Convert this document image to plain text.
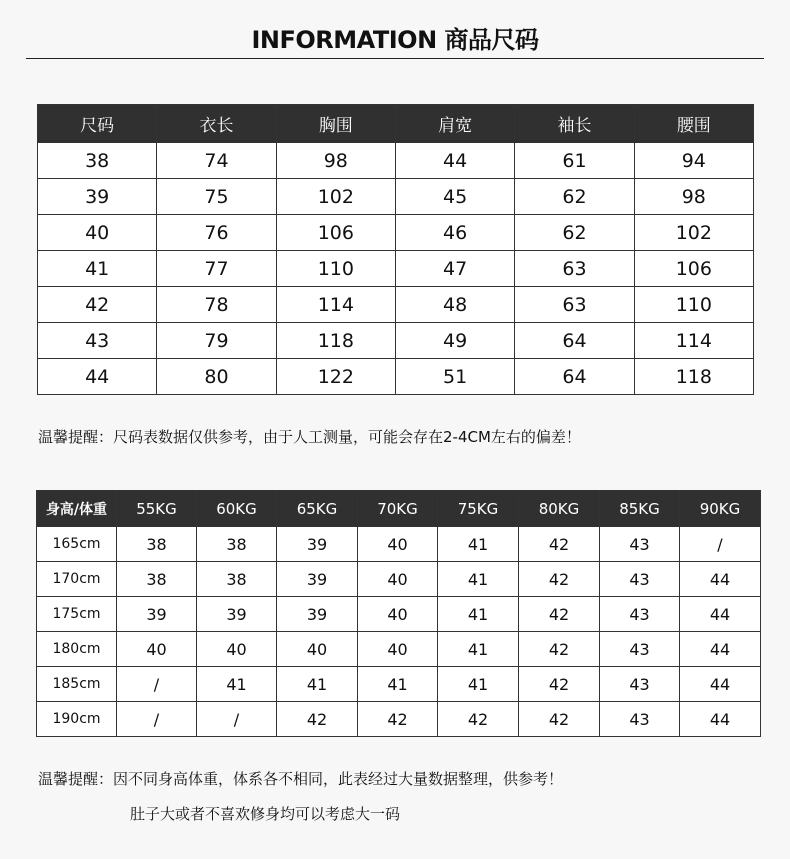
INFORMATION 商品尺码
尺码	衣长	胸围	肩宽	袖长	腰围
38	74	98	44	61	94
39	75	102	45	62	98
40	76	106	46	62	102
41	77	110	47	63	106
42	78	114	48	63	110
43	79	118	49	64	114
44	80	122	51	64	118
温馨提醒：尺码表数据仅供参考，由于人工测量，可能会存在2-4CM左右的偏差！
身高/体重	55KG	60KG	65KG	70KG	75KG	80KG	85KG	90KG
165cm	38	38	39	40	41	42	43	/
170cm	38	38	39	40	41	42	43	44
175cm	39	39	39	40	41	42	43	44
180cm	40	40	40	40	41	42	43	44
185cm	/	41	41	41	41	42	43	44
190cm	/	/	42	42	42	42	43	44
温馨提醒：因不同身高体重，体系各不相同，此表经过大量数据整理，供参考！
肚子大或者不喜欢修身均可以考虑大一码
